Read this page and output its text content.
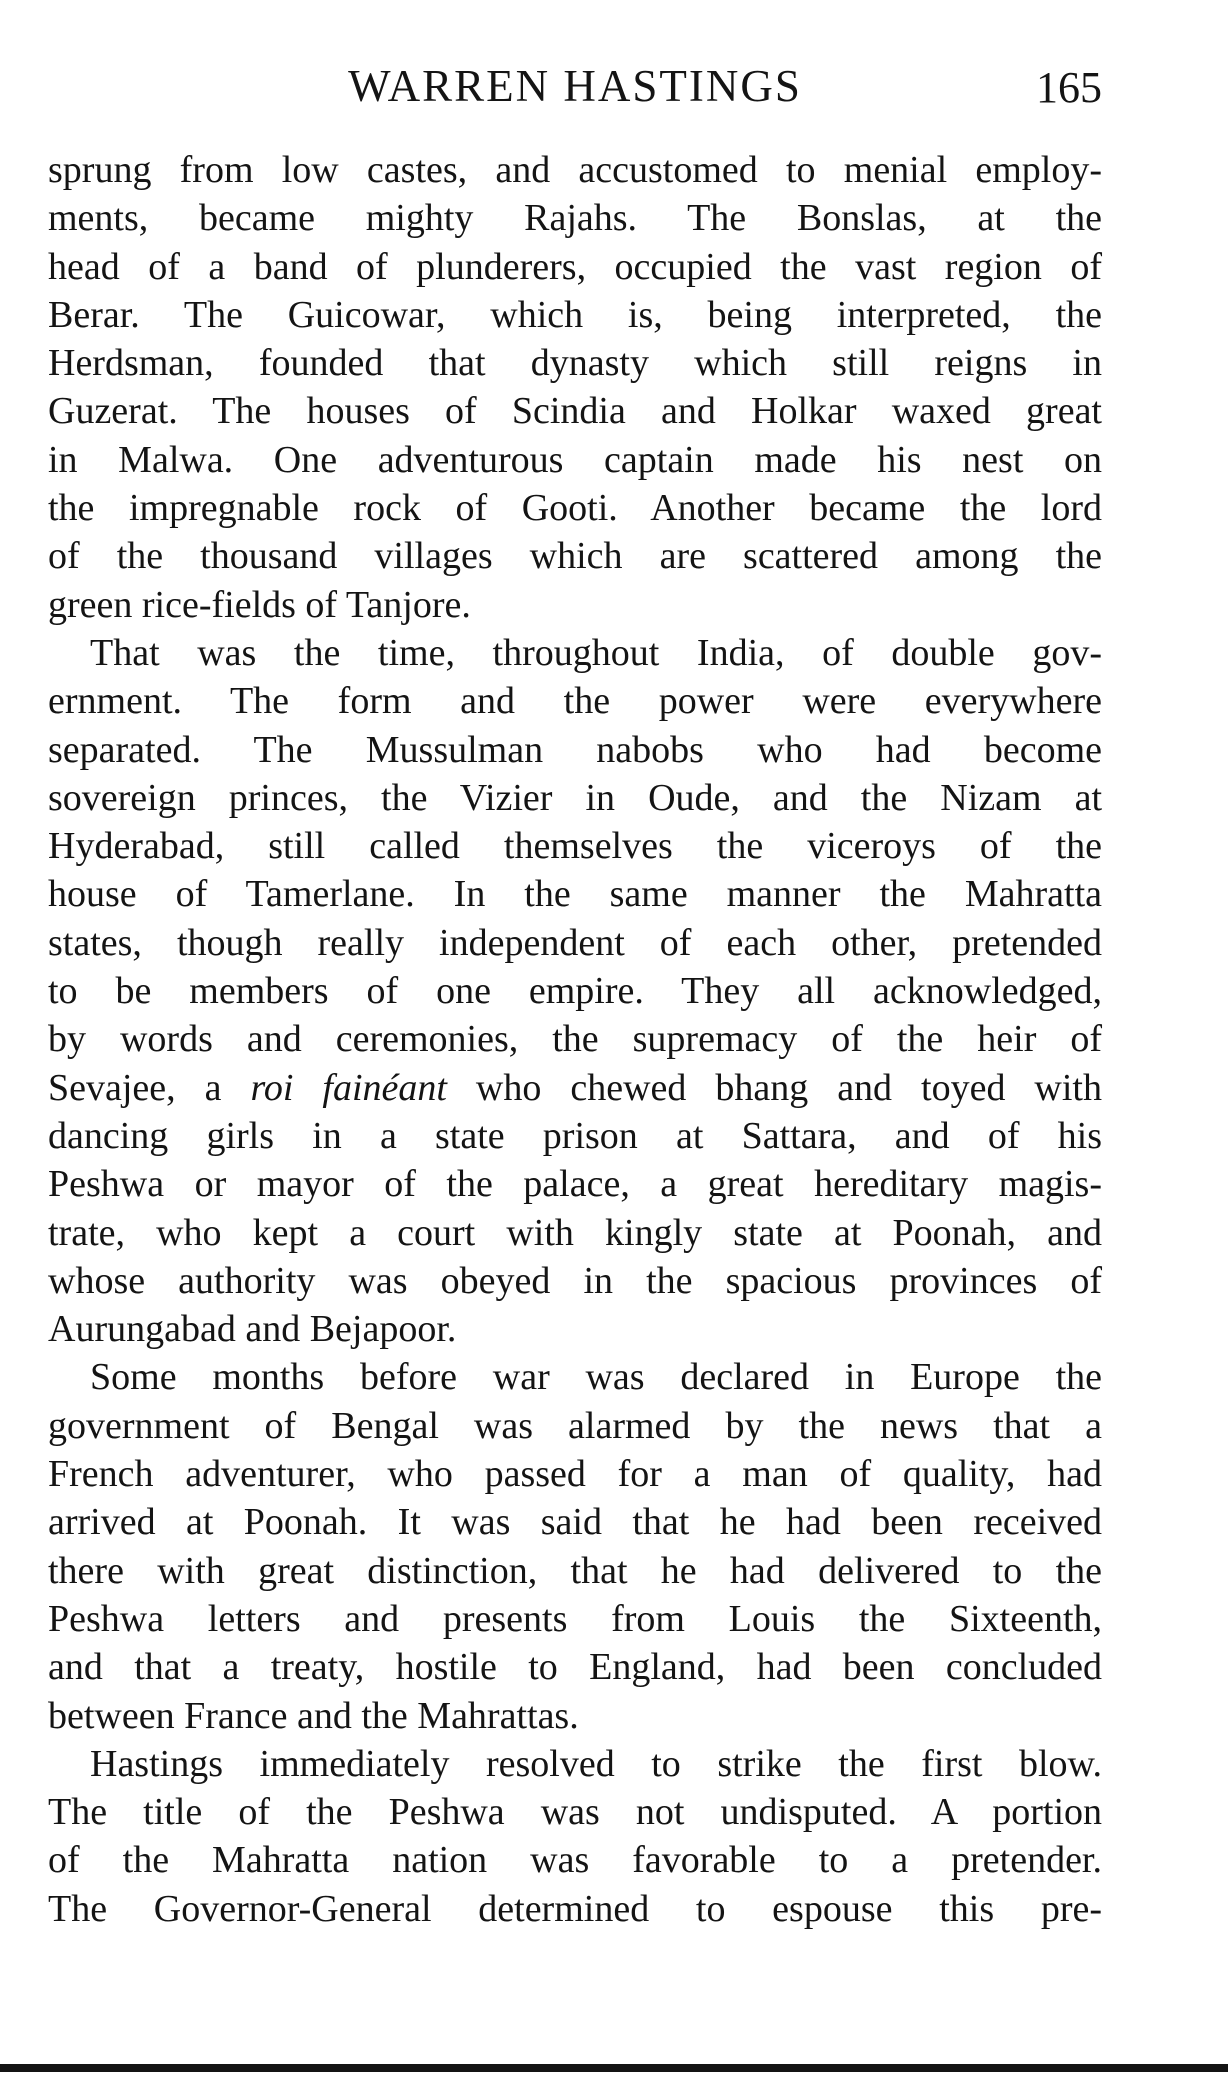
WARREN HASTINGS	165
sprung from low castes, and accustomed to menial employ-
ments, became mighty Rajahs. The Bonslas, at the
head of a band of plunderers, occupied the vast region of
Berar. The Guicowar, which is, being interpreted, the
Herdsman, founded that dynasty which still reigns in
Guzerat. The houses of Scindia and Holkar waxed great
in Malwa. One adventurous captain made his nest on
the impregnable rock of Gooti. Another became the lord
of the thousand villages which are scattered among the
green rice-fields of Tanjore.
That was the time, throughout India, of double gov-
ernment. The form and the power were everywhere
separated. The Mussulman nabobs who had become
sovereign princes, the Vizier in Oude, and the Nizam at
Hyderabad, still called themselves the viceroys of the
house of Tamerlane. In the same manner the Mahratta
states, though really independent of each other, pretended
to be members of one empire. They all acknowledged,
by words and ceremonies, the supremacy of the heir of
Sevajee, a roi fainéant who chewed bhang and toyed with
dancing girls in a state prison at Sattara, and of his
Peshwa or mayor of the palace, a great hereditary magis-
trate, who kept a court with kingly state at Poonah, and
whose authority was obeyed in the spacious provinces of
Aurungabad and Bejapoor.
Some months before war was declared in Europe the
government of Bengal was alarmed by the news that a
French adventurer, who passed for a man of quality, had
arrived at Poonah. It was said that he had been received
there with great distinction, that he had delivered to the
Peshwa letters and presents from Louis the Sixteenth,
and that a treaty, hostile to England, had been concluded
between France and the Mahrattas.
Hastings immediately resolved to strike the first blow.
The title of the Peshwa was not undisputed. A portion
of the Mahratta nation was favorable to a pretender.
The Governor-General determined to espouse this pre-
